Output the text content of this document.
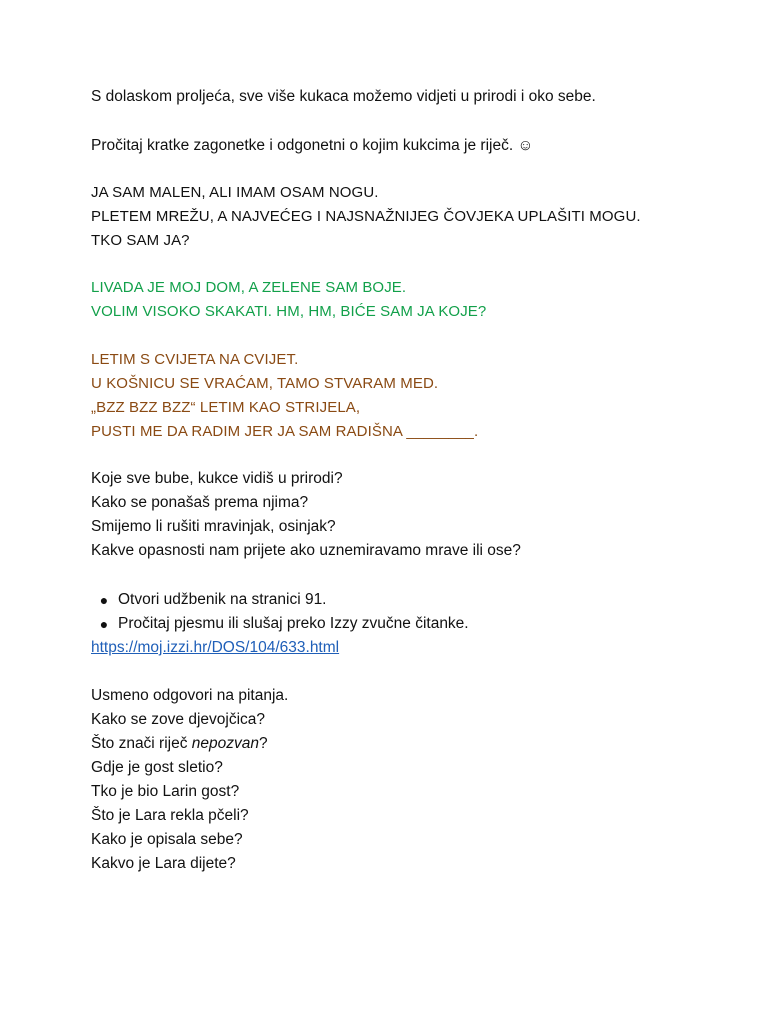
S dolaskom proljeća, sve više kukaca možemo vidjeti u prirodi i oko sebe.
Pročitaj kratke zagonetke i odgonetni o kojim kukcima je riječ. ☺
JA SAM MALEN, ALI IMAM OSAM NOGU.
PLETEM MREŽU, A NAJVEĆEG I NAJSNAŽNIJEG ČOVJEKA UPLAŠITI MOGU.
TKO SAM JA?
LIVADA JE MOJ DOM, A ZELENE SAM BOJE.
VOLIM VISOKO SKAKATI. HM, HM, BIĆE SAM JA KOJE?
LETIM S CVIJETA NA CVIJET.
U KOŠNICU SE VRAĆAM, TAMO STVARAM MED.
„BZZ BZZ BZZ“ LETIM KAO STRIJELA,
PUSTI ME DA RADIM JER JA SAM RADIŠNA ________.
Koje sve bube, kukce vidiš u prirodi?
Kako se ponašaš prema njima?
Smijemo li rušiti mravinjak, osinjak?
Kakve opasnosti nam prijete ako uznemiravamo mrave ili ose?
● Otvori udžbenik na stranici 91.
● Pročitaj pjesmu ili slušaj preko Izzy zvučne čitanke.
https://moj.izzi.hr/DOS/104/633.html
Usmeno odgovori na pitanja.
Kako se zove djevojčica?
Što znači riječ nepozvan?
Gdje je gost sletio?
Tko je bio Larin gost?
Što je Lara rekla pčeli?
Kako je opisala sebe?
Kakvo je Lara dijete?
